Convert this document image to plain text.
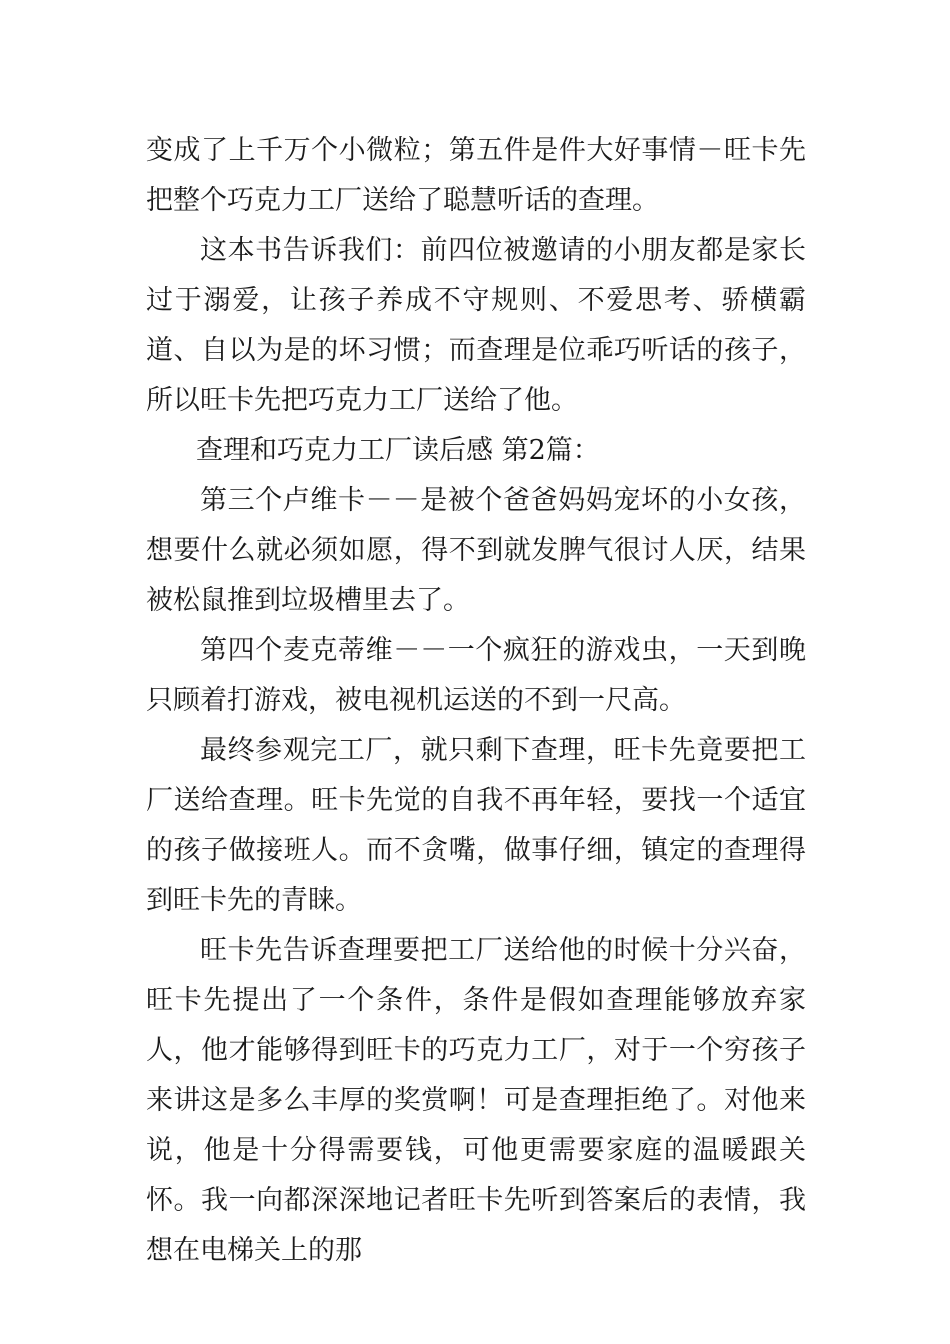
变成了上千万个小微粒；第五件是件大好事情－旺卡先把整个巧克力工厂送给了聪慧听话的查理。

这本书告诉我们：前四位被邀请的小朋友都是家长过于溺爱，让孩子养成不守规则、不爱思考、骄横霸道、自以为是的坏习惯；而查理是位乖巧听话的孩子，所以旺卡先把巧克力工厂送给了他。

查理和巧克力工厂读后感 第2篇：

第三个卢维卡－－是被个爸爸妈妈宠坏的小女孩，想要什么就必须如愿，得不到就发脾气很讨人厌，结果被松鼠推到垃圾槽里去了。

第四个麦克蒂维－－一个疯狂的游戏虫，一天到晚只顾着打游戏，被电视机运送的不到一尺高。

最终参观完工厂，就只剩下查理，旺卡先竟要把工厂送给查理。旺卡先觉的自我不再年轻，要找一个适宜的孩子做接班人。而不贪嘴，做事仔细，镇定的查理得到旺卡先的青睐。

旺卡先告诉查理要把工厂送给他的时候十分兴奋，旺卡先提出了一个条件，条件是假如查理能够放弃家人，他才能够得到旺卡的巧克力工厂，对于一个穷孩子来讲这是多么丰厚的奖赏啊！可是查理拒绝了。对他来说，他是十分得需要钱，可他更需要家庭的温暖跟关怀。我一向都深深地记者旺卡先听到答案后的表情，我想在电梯关上的那
